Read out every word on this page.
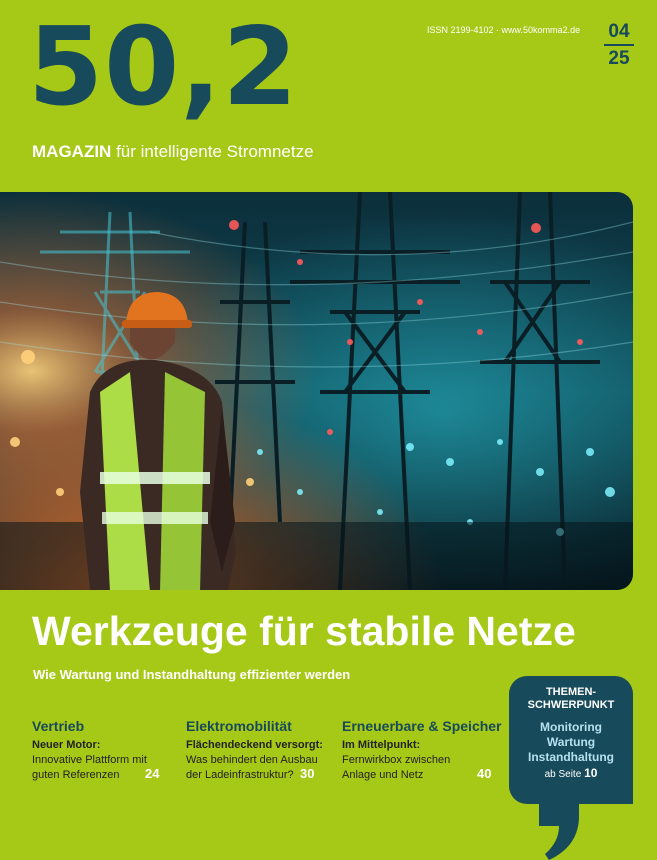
50,2
MAGAZIN für intelligente Stromnetze
ISSN 2199-4102 · www.50komma2.de 04
25
Werkzeuge für stabile Netze
Wie Wartung und Instandhaltung effizienter werden
Vertrieb
Neuer Motor:
Innovative Plattform mit
guten Referenzen	24
Elektromobilität
Flächendeckend versorgt:
Was behindert den Ausbau
der Ladeinfrastruktur? 30
Erneuerbare & Speicher
Im Mittelpunkt:
Fernwirkbox zwischen
Anlage und Netz	40
THEMEN-
SCHWERPUNKT
Monitoring
Wartung
Instandhaltung
ab Seite 10
